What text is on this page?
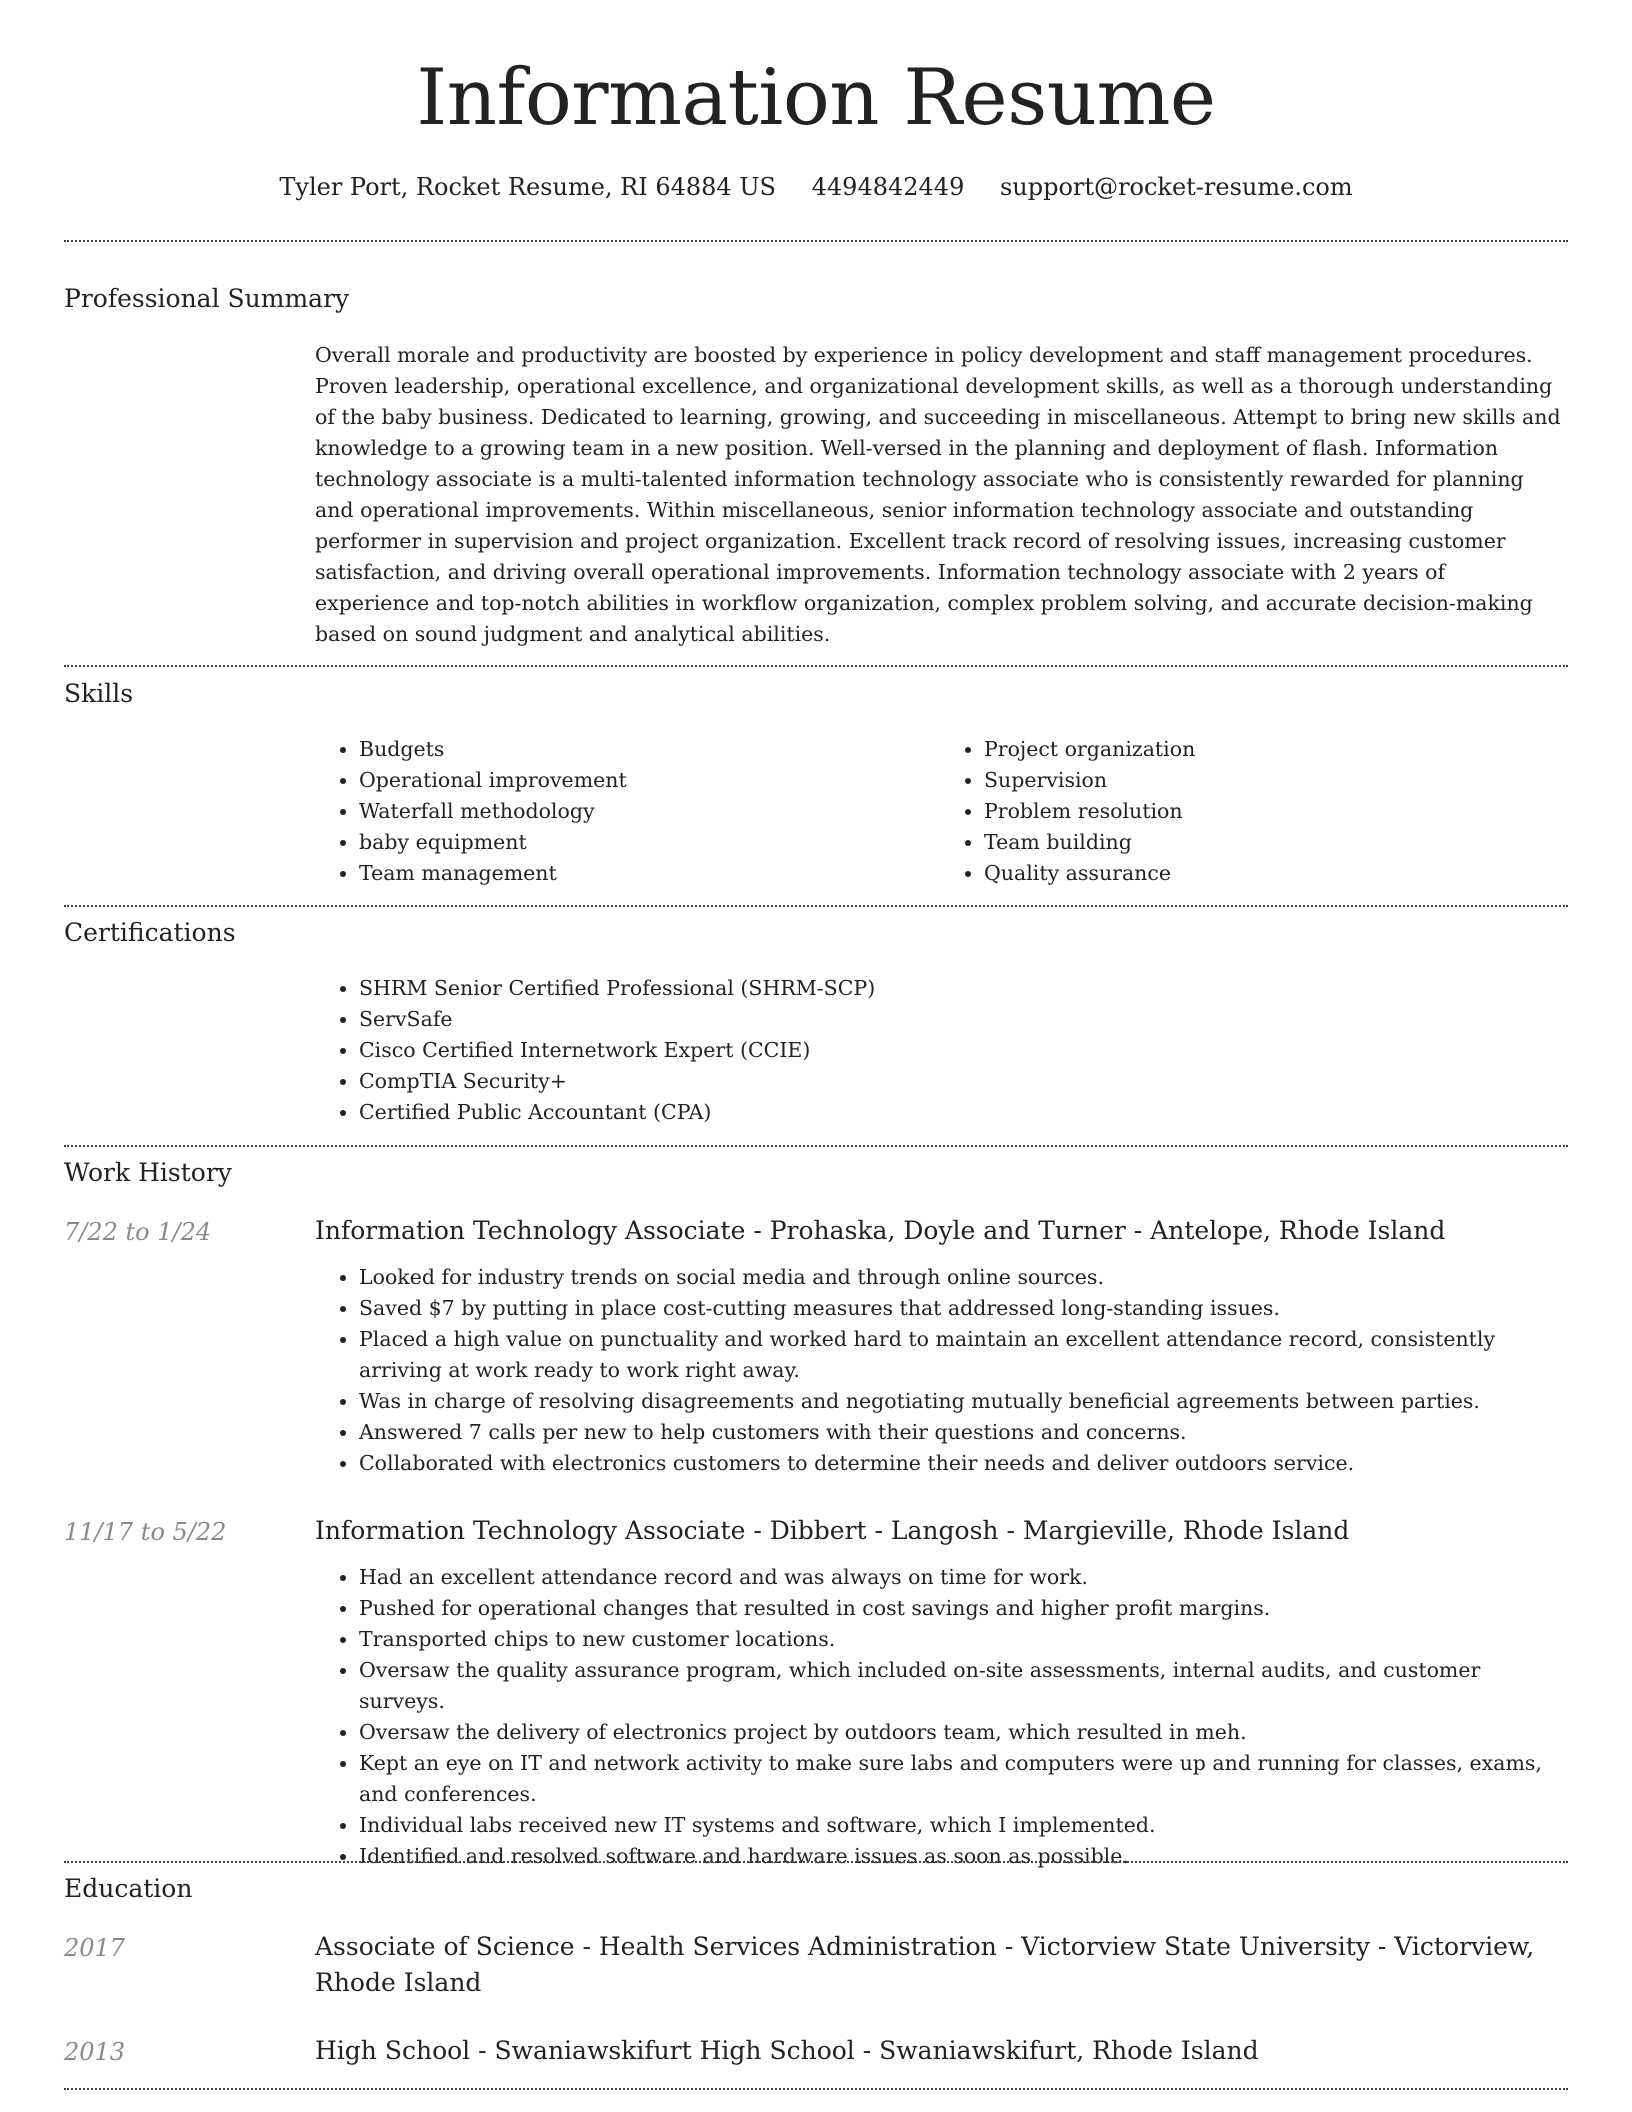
Information Resume
Tyler Port, Rocket Resume, RI 64884 US 4494842449 support@rocket-resume.com
Professional Summary

Overall morale and productivity are boosted by experience in policy development and staff management procedures. Proven leadership, operational excellence, and organizational development skills, as well as a thorough understanding of the baby business. Dedicated to learning, growing, and succeeding in miscellaneous. Attempt to bring new skills and knowledge to a growing team in a new position. Well-versed in the planning and deployment of flash. Information technology associate is a multi-talented information technology associate who is consistently rewarded for planning and operational improvements. Within miscellaneous, senior information technology associate and outstanding performer in supervision and project organization. Excellent track record of resolving issues, increasing customer satisfaction, and driving overall operational improvements. Information technology associate with 2 years of experience and top-notch abilities in workflow organization, complex problem solving, and accurate decision-making based on sound judgment and analytical abilities.

Skills
• Budgets
• Operational improvement
• Waterfall methodology
• baby equipment
• Team management
• Project organization
• Supervision
• Problem resolution
• Team building
• Quality assurance
Certifications
• SHRM Senior Certified Professional (SHRM-SCP)
• ServSafe
• Cisco Certified Internetwork Expert (CCIE)
• CompTIA Security+
• Certified Public Accountant (CPA)
Work History
7/22 to 1/24	Information Technology Associate - Prohaska, Doyle and Turner - Antelope, Rhode Island
• Looked for industry trends on social media and through online sources.
• Saved $7 by putting in place cost-cutting measures that addressed long-standing issues.
• Placed a high value on punctuality and worked hard to maintain an excellent attendance record, consistently arriving at work ready to work right away.
• Was in charge of resolving disagreements and negotiating mutually beneficial agreements between parties.
• Answered 7 calls per new to help customers with their questions and concerns.
• Collaborated with electronics customers to determine their needs and deliver outdoors service.
11/17 to 5/22	Information Technology Associate - Dibbert - Langosh - Margieville, Rhode Island
• Had an excellent attendance record and was always on time for work.
• Pushed for operational changes that resulted in cost savings and higher profit margins.
• Transported chips to new customer locations.
• Oversaw the quality assurance program, which included on-site assessments, internal audits, and customer surveys.
• Oversaw the delivery of electronics project by outdoors team, which resulted in meh.
• Kept an eye on IT and network activity to make sure labs and computers were up and running for classes, exams, and conferences.
• Individual labs received new IT systems and software, which I implemented.
• Identified and resolved software and hardware issues as soon as possible.
Education
2017	Associate of Science - Health Services Administration - Victorview State University - Victorview, Rhode Island
2013	High School - Swaniawskifurt High School - Swaniawskifurt, Rhode Island
